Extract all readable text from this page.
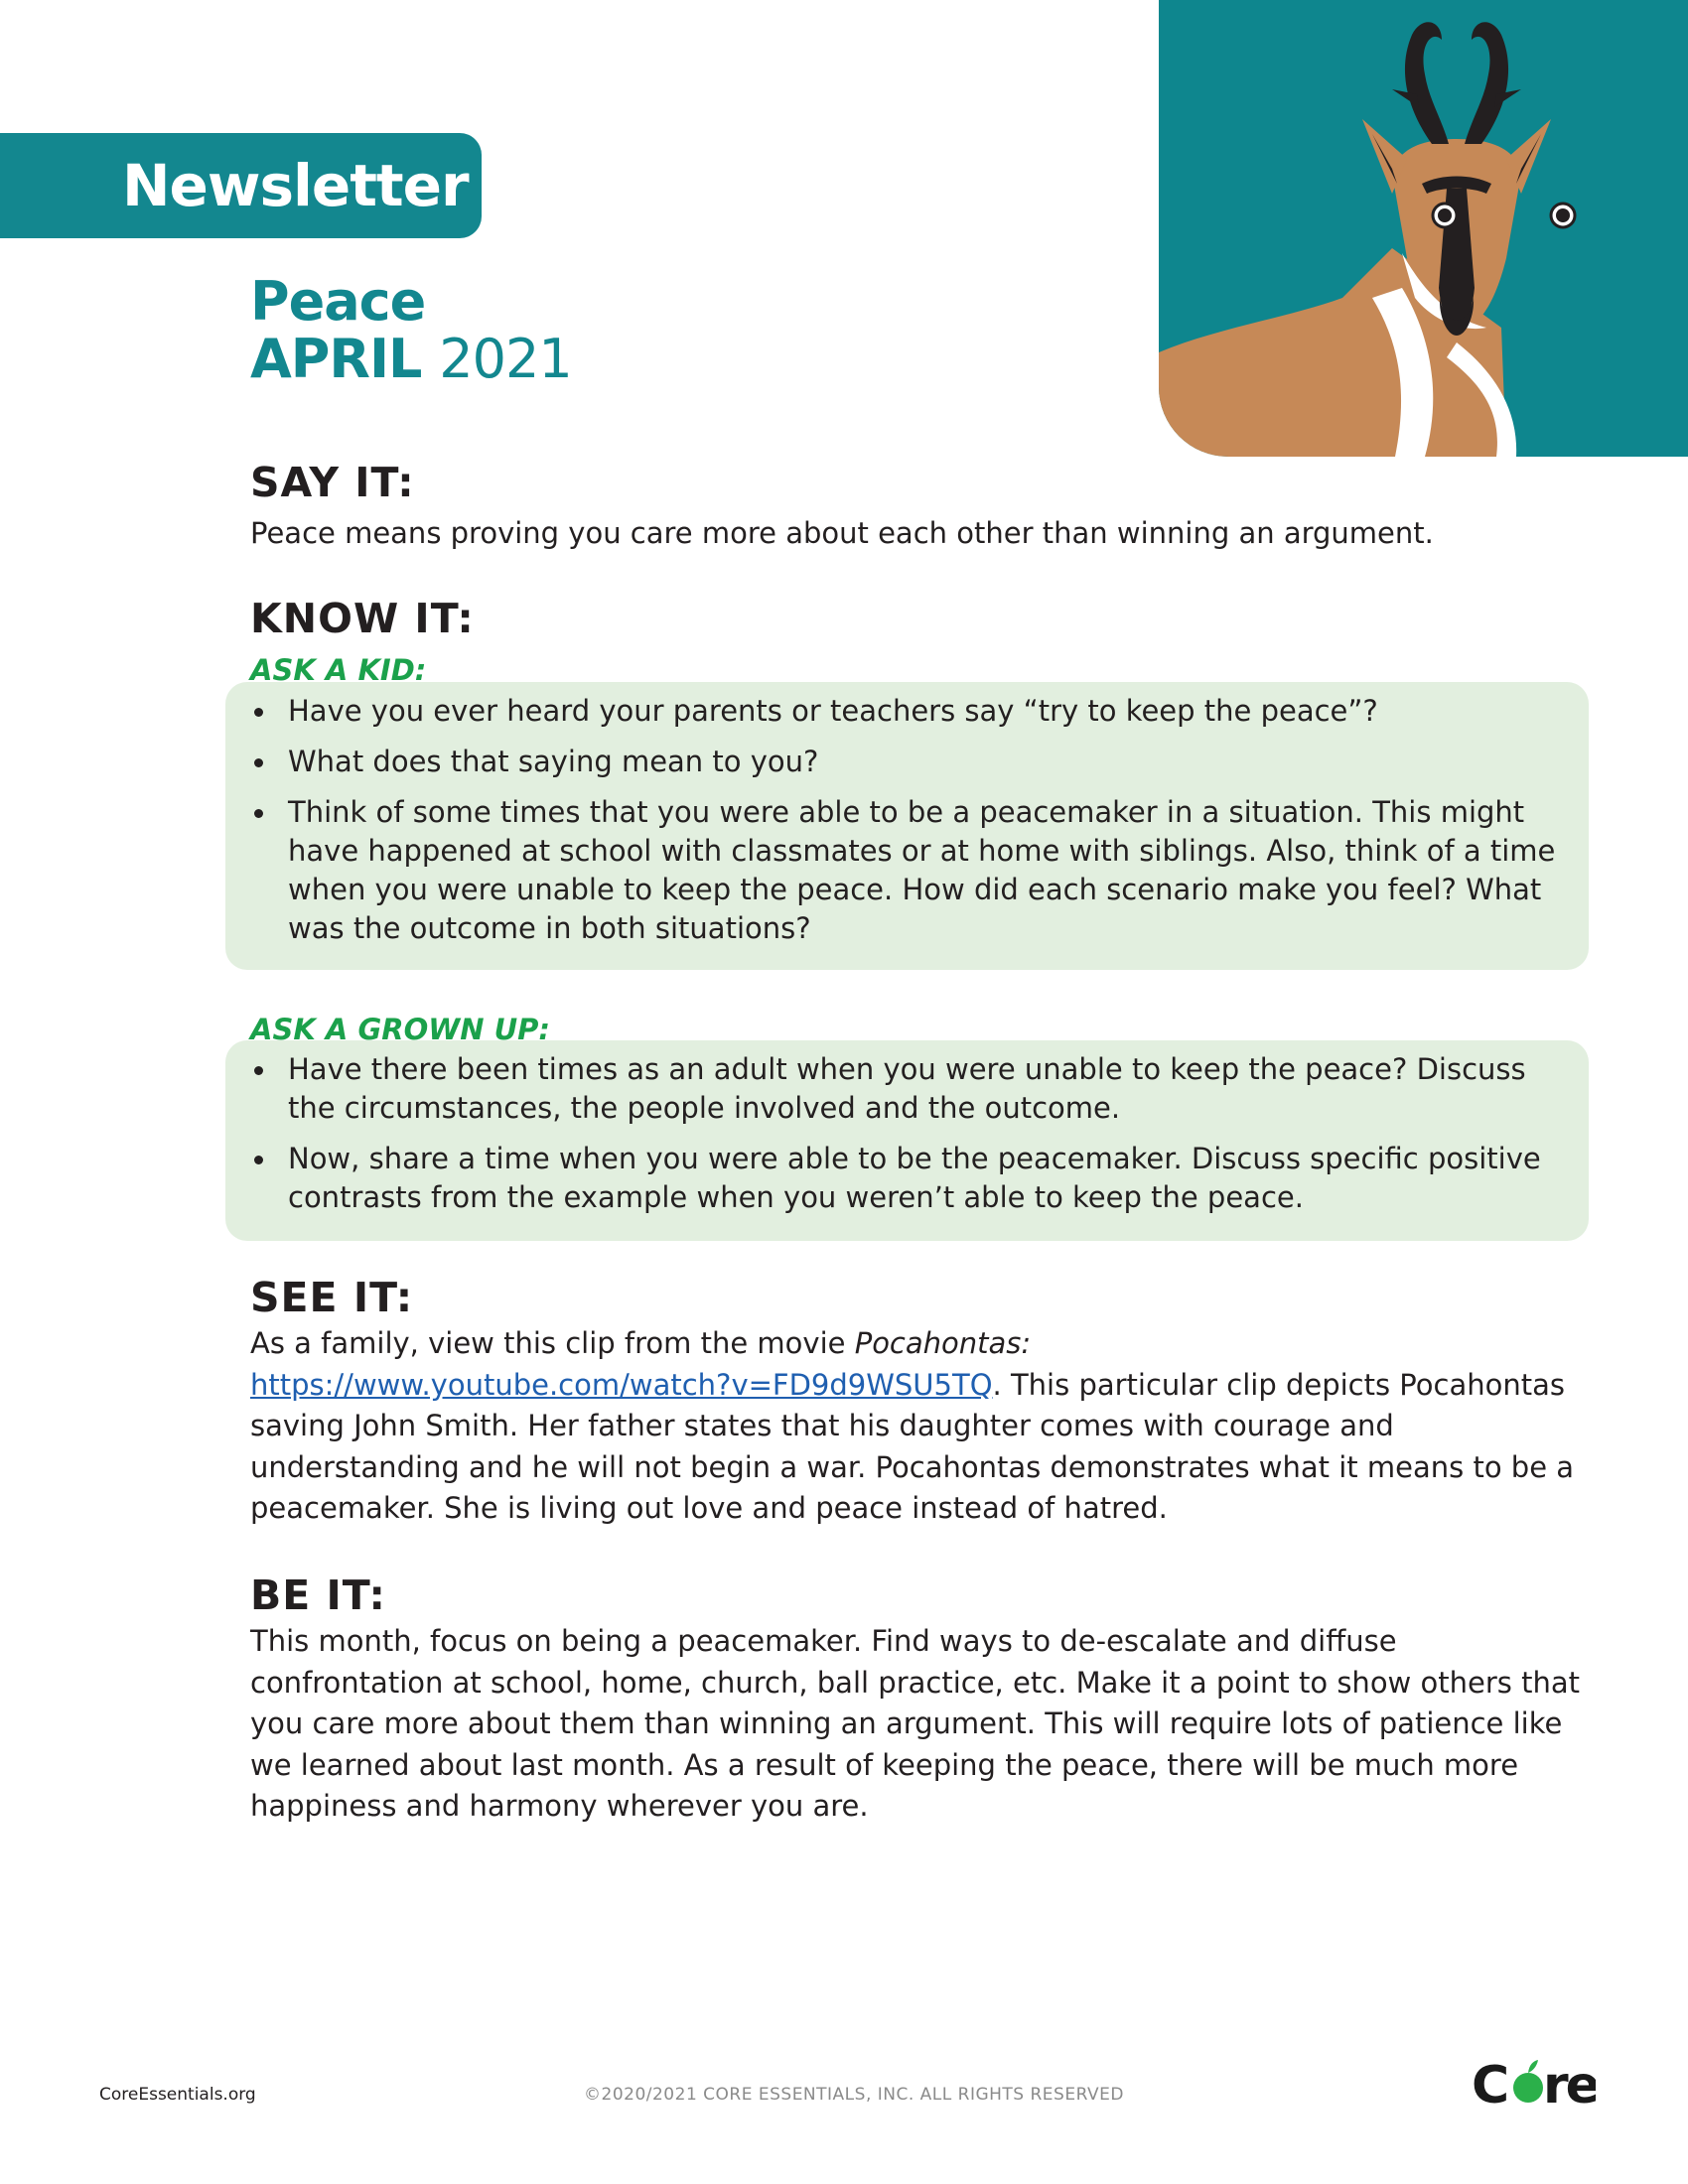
Newsletter
Peace
APRIL 2021
SAY IT:
Peace means proving you care more about each other than winning an argument.
KNOW IT:
ASK A KID:
Have you ever heard your parents or teachers say “try to keep the peace”?
What does that saying mean to you?
Think of some times that you were able to be a peacemaker in a situation. This might have happened at school with classmates or at home with siblings. Also, think of a time when you were unable to keep the peace. How did each scenario make you feel? What was the outcome in both situations?
ASK A GROWN UP:
Have there been times as an adult when you were unable to keep the peace? Discuss the circumstances, the people involved and the outcome.
Now, share a time when you were able to be the peacemaker. Discuss specific positive contrasts from the example when you weren’t able to keep the peace.
SEE IT:
As a family, view this clip from the movie Pocahontas:
https://www.youtube.com/watch?v=FD9d9WSU5TQ. This particular clip depicts Pocahontas saving John Smith. Her father states that his daughter comes with courage and understanding and he will not begin a war. Pocahontas demonstrates what it means to be a peacemaker. She is living out love and peace instead of hatred.
BE IT:
This month, focus on being a peacemaker. Find ways to de-escalate and diffuse confrontation at school, home, church, ball practice, etc. Make it a point to show others that you care more about them than winning an argument. This will require lots of patience like we learned about last month. As a result of keeping the peace, there will be much more happiness and harmony wherever you are.
CoreEssentials.org	©2020/2021 CORE ESSENTIALS, INC. ALL RIGHTS RESERVED	C re
